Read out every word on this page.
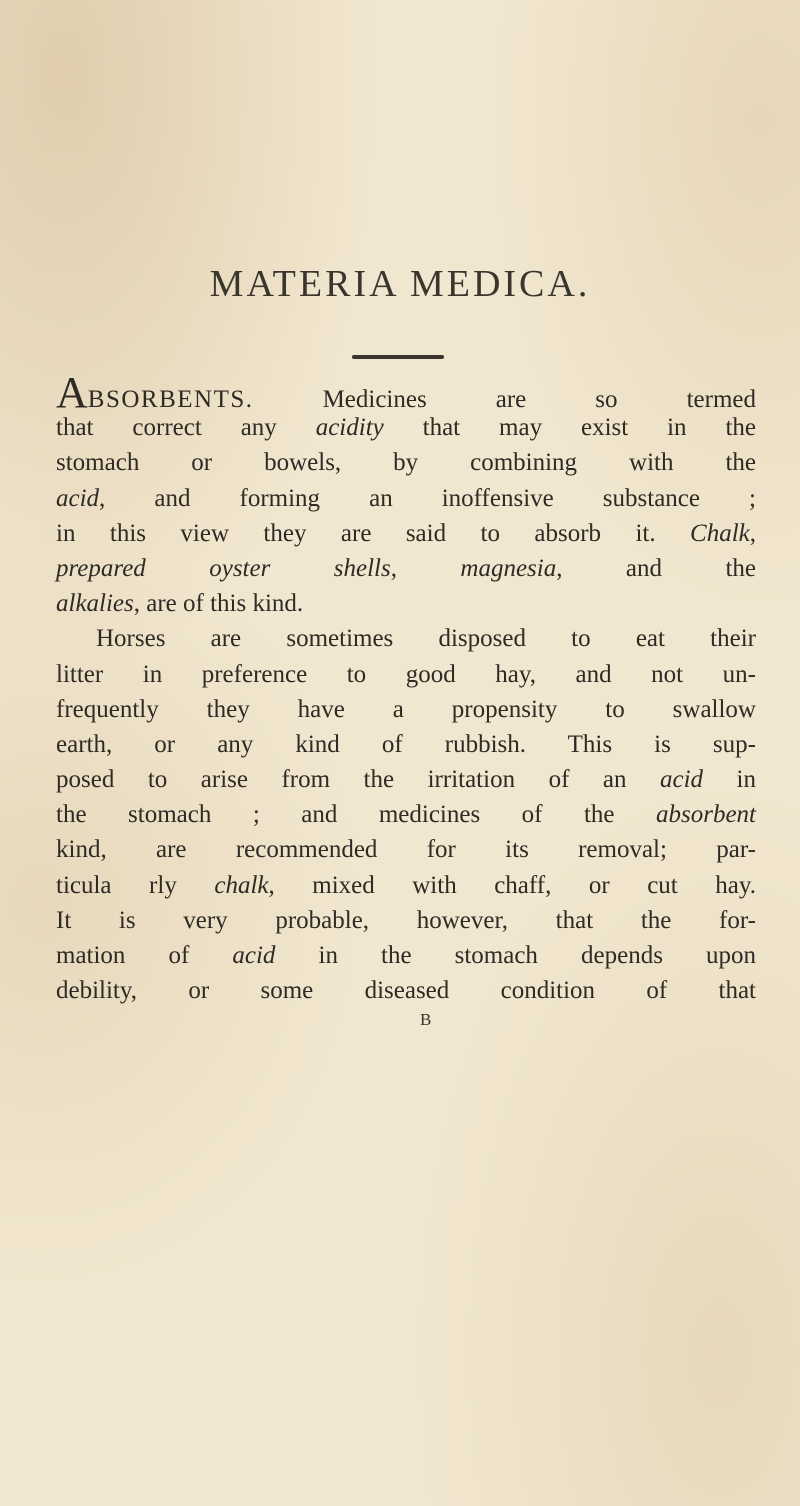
MATERIA MEDICA.
ABSORBENTS. Medicines are so termed
that correct any acidity that may exist in the
stomach or bowels, by combining with the
acid, and forming an inoffensive substance ;
in this view they are said to absorb it. Chalk,
prepared oyster shells, magnesia, and the
alkalies, are of this kind.
Horses are sometimes disposed to eat their
litter in preference to good hay, and not un-
frequently they have a propensity to swallow
earth, or any kind of rubbish. This is sup-
posed to arise from the irritation of an acid in
the stomach ; and medicines of the absorbent
kind, are recommended for its removal; par-
ticula rly chalk, mixed with chaff, or cut hay.
It is very probable, however, that the for-
mation of acid in the stomach depends upon
debility, or some diseased condition of that
B
